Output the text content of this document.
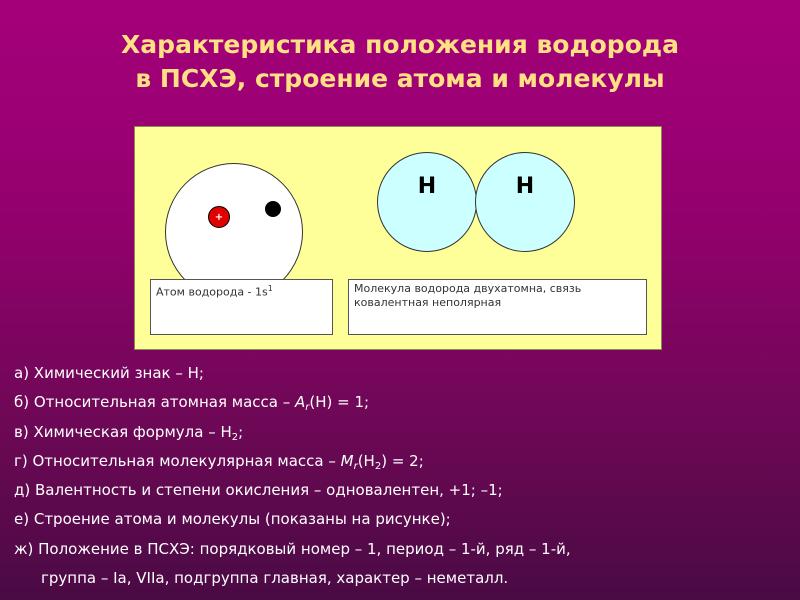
Характеристика положения водорода
в ПСХЭ, строение атома и молекулы
+
H	H
Атом водорода - $1s^1$	Молекула водорода двухатомна, связь
ковалентная неполярная
а) Химический знак – Н;
б) Относительная атомная масса – $A_r(Н) = 1$;
в) Химическая формула – $Н_2$;
г) Относительная молекулярная масса – $M_r(Н_2) = 2$;
д) Валентность и степени окисления – одновалентен, +1; –1;
е) Строение атома и молекулы (показаны на рисунке);
ж) Положение в ПСХЭ: порядковый номер – 1, период – 1-й, ряд – 1-й,
группа – Iа, VIIа, подгруппа главная, характер – неметалл.
